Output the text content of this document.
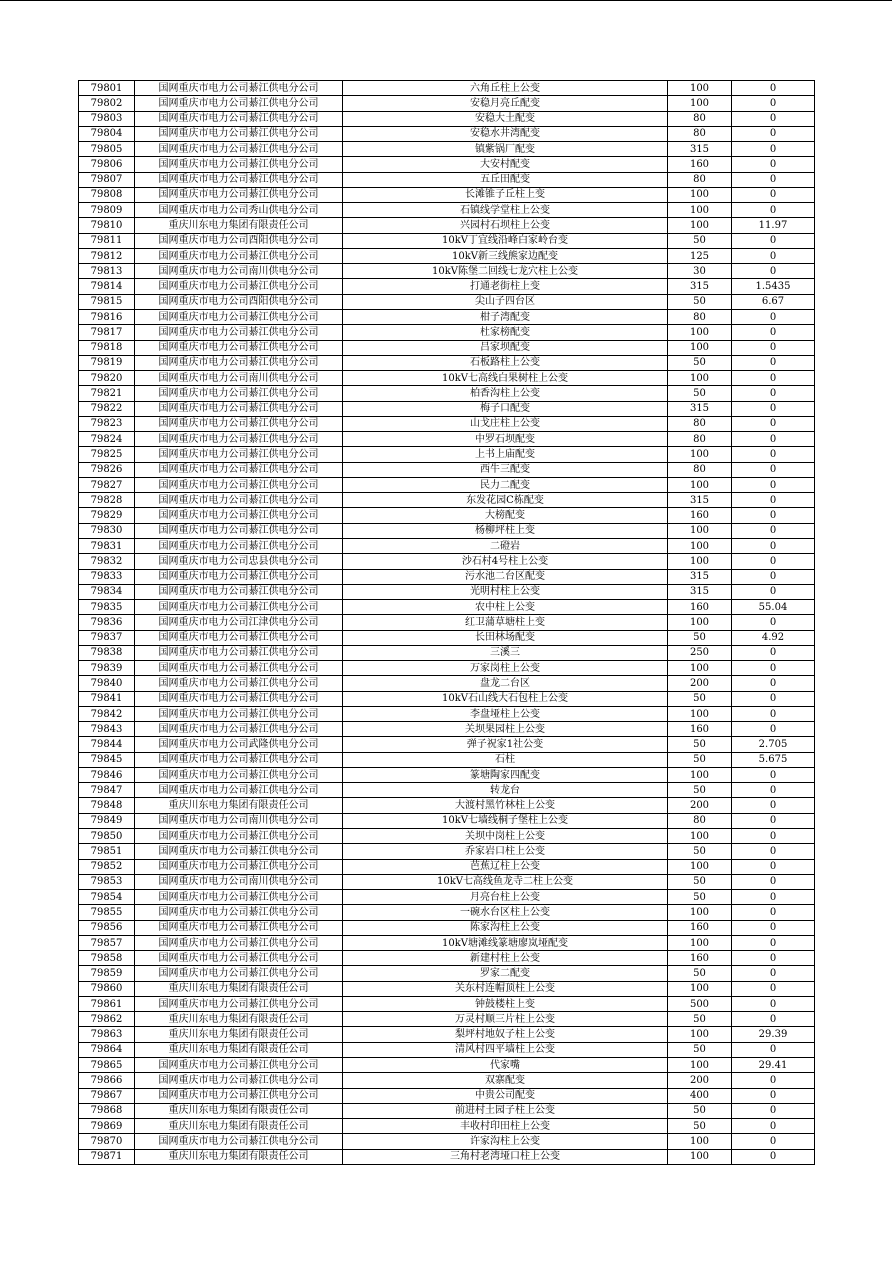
79801	国网重庆市电力公司綦江供电分公司	六角丘柱上公变	100	0
79802	国网重庆市电力公司綦江供电分公司	安稳月亮丘配变	100	0
79803	国网重庆市电力公司綦江供电分公司	安稳大土配变	80	0
79804	国网重庆市电力公司綦江供电分公司	安稳水井湾配变	80	0
79805	国网重庆市电力公司綦江供电分公司	镇紫锅厂配变	315	0
79806	国网重庆市电力公司綦江供电分公司	大安村配变	160	0
79807	国网重庆市电力公司綦江供电分公司	五丘田配变	80	0
79808	国网重庆市电力公司綦江供电分公司	长滩锥子丘柱上变	100	0
79809	国网重庆市电力公司秀山供电分公司	石镇线学堂柱上公变	100	0
79810	重庆川东电力集团有限责任公司	兴园村石坝柱上公变	100	11.97
79811	国网重庆市电力公司酉阳供电分公司	10kV丁宜线沿峰白家岭台变	50	0
79812	国网重庆市电力公司綦江供电分公司	10kV新三线熊家边配变	125	0
79813	国网重庆市电力公司南川供电分公司	10kV陈堡二回线七龙穴柱上公变	30	0
79814	国网重庆市电力公司綦江供电分公司	打通老街柱上变	315	1.5435
79815	国网重庆市电力公司酉阳供电分公司	尖山子四台区	50	6.67
79816	国网重庆市电力公司綦江供电分公司	柑子湾配变	80	0
79817	国网重庆市电力公司綦江供电分公司	杜家榜配变	100	0
79818	国网重庆市电力公司綦江供电分公司	吕家坝配变	100	0
79819	国网重庆市电力公司綦江供电分公司	石板路柱上公变	50	0
79820	国网重庆市电力公司南川供电分公司	10kV七高线白果树柱上公变	100	0
79821	国网重庆市电力公司綦江供电分公司	柏香沟柱上公变	50	0
79822	国网重庆市电力公司綦江供电分公司	梅子口配变	315	0
79823	国网重庆市电力公司綦江供电分公司	山戈庄柱上公变	80	0
79824	国网重庆市电力公司綦江供电分公司	中罗石坝配变	80	0
79825	国网重庆市电力公司綦江供电分公司	上书上庙配变	100	0
79826	国网重庆市电力公司綦江供电分公司	西牛三配变	80	0
79827	国网重庆市电力公司綦江供电分公司	民力二配变	100	0
79828	国网重庆市电力公司綦江供电分公司	东发花园C栋配变	315	0
79829	国网重庆市电力公司綦江供电分公司	大榜配变	160	0
79830	国网重庆市电力公司綦江供电分公司	杨柳坪柱上变	100	0
79831	国网重庆市电力公司綦江供电分公司	二磴岩	100	0
79832	国网重庆市电力公司忠县供电分公司	沙石村4号柱上公变	100	0
79833	国网重庆市电力公司綦江供电分公司	污水池二台区配变	315	0
79834	国网重庆市电力公司綦江供电分公司	光明村柱上公变	315	0
79835	国网重庆市电力公司綦江供电分公司	农中柱上公变	160	55.04
79836	国网重庆市电力公司江津供电分公司	红卫蒲草塘柱上变	100	0
79837	国网重庆市电力公司綦江供电分公司	长田林场配变	50	4.92
79838	国网重庆市电力公司綦江供电分公司	三溪三	250	0
79839	国网重庆市电力公司綦江供电分公司	万家岗柱上公变	100	0
79840	国网重庆市电力公司綦江供电分公司	盘龙二台区	200	0
79841	国网重庆市电力公司綦江供电分公司	10kV石山线大石包柱上公变	50	0
79842	国网重庆市电力公司綦江供电分公司	李盘垭柱上公变	100	0
79843	国网重庆市电力公司綦江供电分公司	关坝果园柱上公变	160	0
79844	国网重庆市电力公司武隆供电分公司	弹子祝家1社公变	50	2.705
79845	国网重庆市电力公司綦江供电分公司	石柱	50	5.675
79846	国网重庆市电力公司綦江供电分公司	篆塘陶家四配变	100	0
79847	国网重庆市电力公司綦江供电分公司	转龙台	50	0
79848	重庆川东电力集团有限责任公司	大渡村黑竹林柱上公变	200	0
79849	国网重庆市电力公司南川供电分公司	10kV七墙线桐子堡柱上公变	80	0
79850	国网重庆市电力公司綦江供电分公司	关坝中岗柱上公变	100	0
79851	国网重庆市电力公司綦江供电分公司	乔家岩口柱上公变	50	0
79852	国网重庆市电力公司綦江供电分公司	芭蕉辽柱上公变	100	0
79853	国网重庆市电力公司南川供电分公司	10kV七高线鱼龙寺二柱上公变	50	0
79854	国网重庆市电力公司綦江供电分公司	月亮台柱上公变	50	0
79855	国网重庆市电力公司綦江供电分公司	一碗水台区柱上公变	100	0
79856	国网重庆市电力公司綦江供电分公司	陈家沟柱上公变	160	0
79857	国网重庆市电力公司綦江供电分公司	10kV塘滩线篆塘廖岚垭配变	100	0
79858	国网重庆市电力公司綦江供电分公司	新建村柱上公变	160	0
79859	国网重庆市电力公司綦江供电分公司	罗家二配变	50	0
79860	重庆川东电力集团有限责任公司	关东村连帽顶柱上公变	100	0
79861	国网重庆市电力公司綦江供电分公司	钟鼓楼柱上变	500	0
79862	重庆川东电力集团有限责任公司	万灵村顺三片柱上公变	50	0
79863	重庆川东电力集团有限责任公司	梨坪村地奴子柱上公变	100	29.39
79864	重庆川东电力集团有限责任公司	清风村四平墙柱上公变	50	0
79865	国网重庆市电力公司綦江供电分公司	代家嘴	100	29.41
79866	国网重庆市电力公司綦江供电分公司	双寨配变	200	0
79867	国网重庆市电力公司綦江供电分公司	中贵公司配变	400	0
79868	重庆川东电力集团有限责任公司	前进村土园子柱上公变	50	0
79869	重庆川东电力集团有限责任公司	丰收村印田柱上公变	50	0
79870	国网重庆市电力公司綦江供电分公司	许家沟柱上公变	100	0
79871	重庆川东电力集团有限责任公司	三角村老湾垭口柱上公变	100	0
